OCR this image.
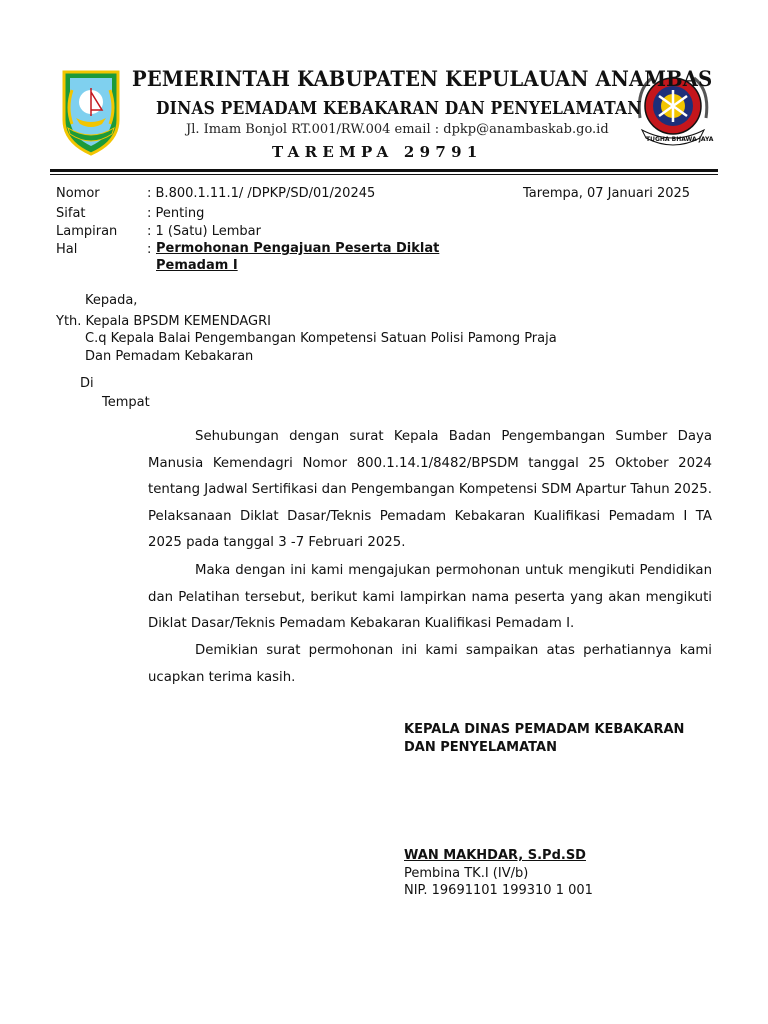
TUGHA BHAWA JAYA
PEMERINTAH KABUPATEN KEPULAUAN ANAMBAS
DINAS PEMADAM KEBAKARAN DAN PENYELAMATAN
Jl. Imam Bonjol RT.001/RW.004 email : dpkp@anambaskab.go.id
TAREMPA 29791
Nomor	: B.800.1.11.1/ /DPKP/SD/01/20245	Tarempa, 07 Januari 2025
Sifat	: Penting
Lampiran : 1 (Satu) Lembar
Hal	: Permohonan Pengajuan Peserta Diklat
Pemadam I
Kepada,
Yth. Kepala BPSDM KEMENDAGRI
C.q Kepala Balai Pengembangan Kompetensi Satuan Polisi Pamong Praja
Dan Pemadam Kebakaran
Di
Tempat
Sehubungan dengan surat Kepala Badan Pengembangan Sumber Daya Manusia Kemendagri Nomor 800.1.14.1/8482/BPSDM tanggal 25 Oktober 2024 tentang Jadwal Sertifikasi dan Pengembangan Kompetensi SDM Apartur Tahun 2025. Pelaksanaan Diklat Dasar/Teknis Pemadam Kebakaran Kualifikasi Pemadam I TA 2025 pada tanggal 3 -7 Februari 2025.
Maka dengan ini kami mengajukan permohonan untuk mengikuti Pendidikan dan Pelatihan tersebut, berikut kami lampirkan nama peserta yang akan mengikuti Diklat Dasar/Teknis Pemadam Kebakaran Kualifikasi Pemadam I.
Demikian surat permohonan ini kami sampaikan atas perhatiannya kami ucapkan terima kasih.
KEPALA DINAS PEMADAM KEBAKARAN
DAN PENYELAMATAN
WAN MAKHDAR, S.Pd.SD
Pembina TK.I (IV/b)
NIP. 19691101 199310 1 001
